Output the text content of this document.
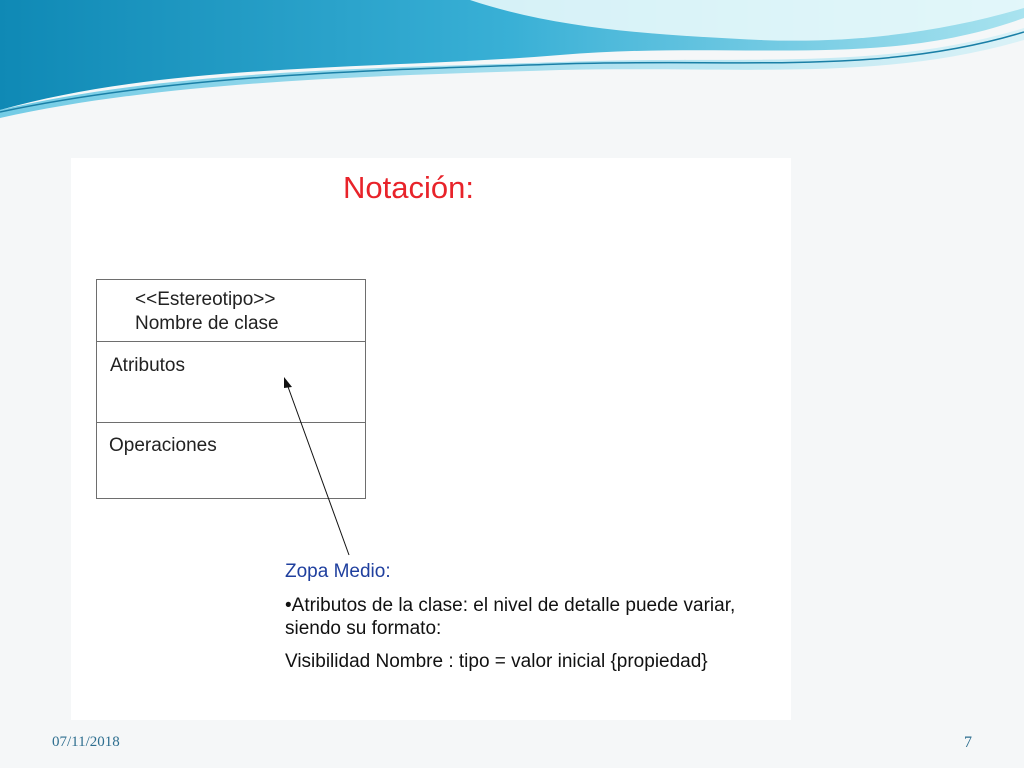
Notación:
<<Estereotipo>>
Nombre de clase
Atributos
Operaciones

Zopa Medio:

•Atributos de la clase: el nivel de detalle puede variar, siendo su formato:

Visibilidad Nombre : tipo = valor inicial {propiedad}

07/11/2018	7
